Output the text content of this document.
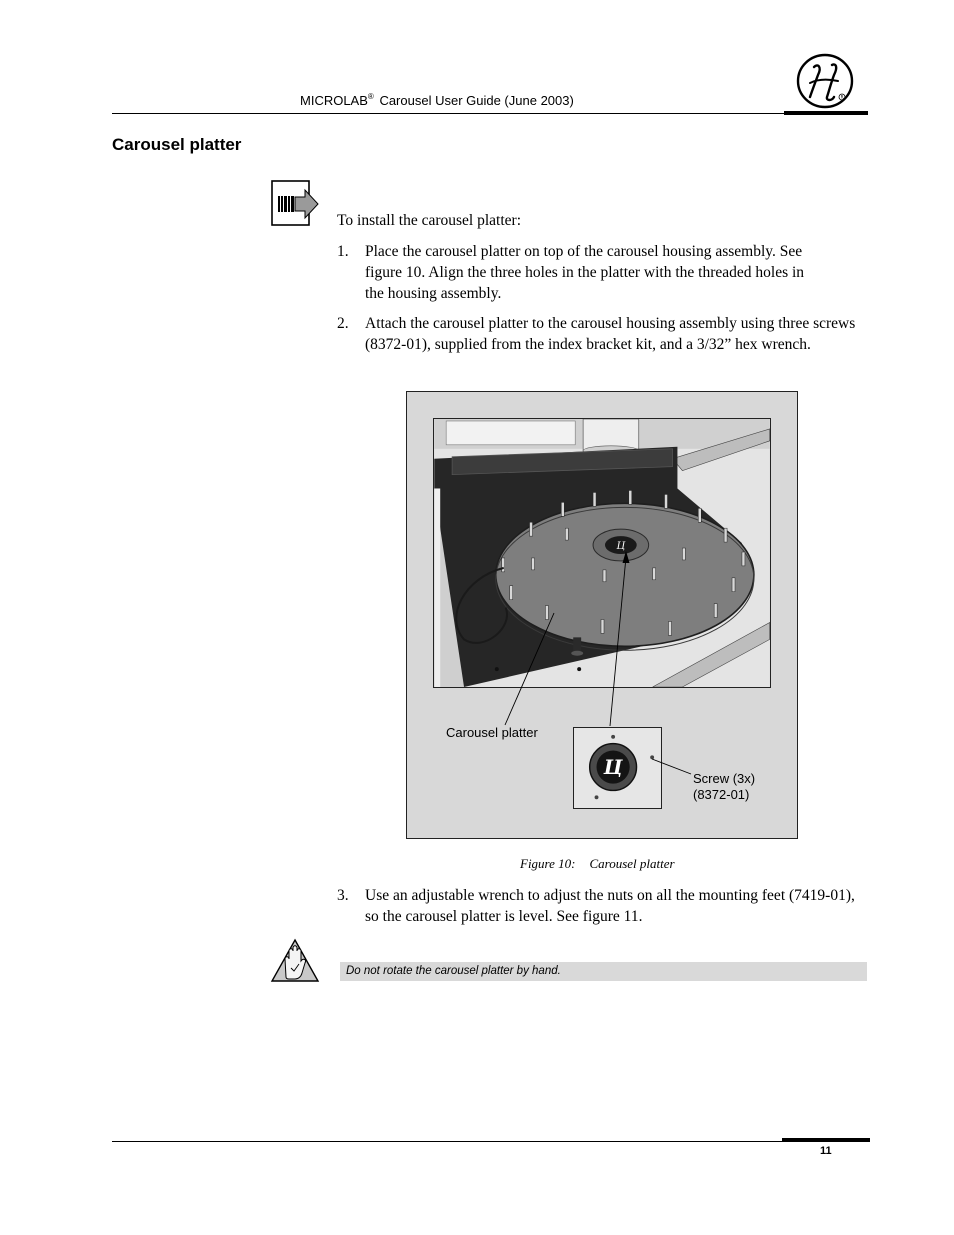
MICROLAB® Carousel User Guide (June 2003)	R
Carousel platter
To install the carousel platter:
1. Place the carousel platter on top of the carousel housing assembly. See figure 10. Align the three holes in the platter with the threaded holes in the housing assembly.
2. Attach the carousel platter to the carousel housing assembly using three screws (8372-01), supplied from the index bracket kit, and a 3/32” hex wrench.
Ц
Ц
Carousel platter
Screw (3x)
(8372-01)
Figure 10: Carousel platter
3. Use an adjustable wrench to adjust the nuts on all the mounting feet (7419-01), so the carousel platter is level. See figure 11.
Do not rotate the carousel platter by hand.
11
